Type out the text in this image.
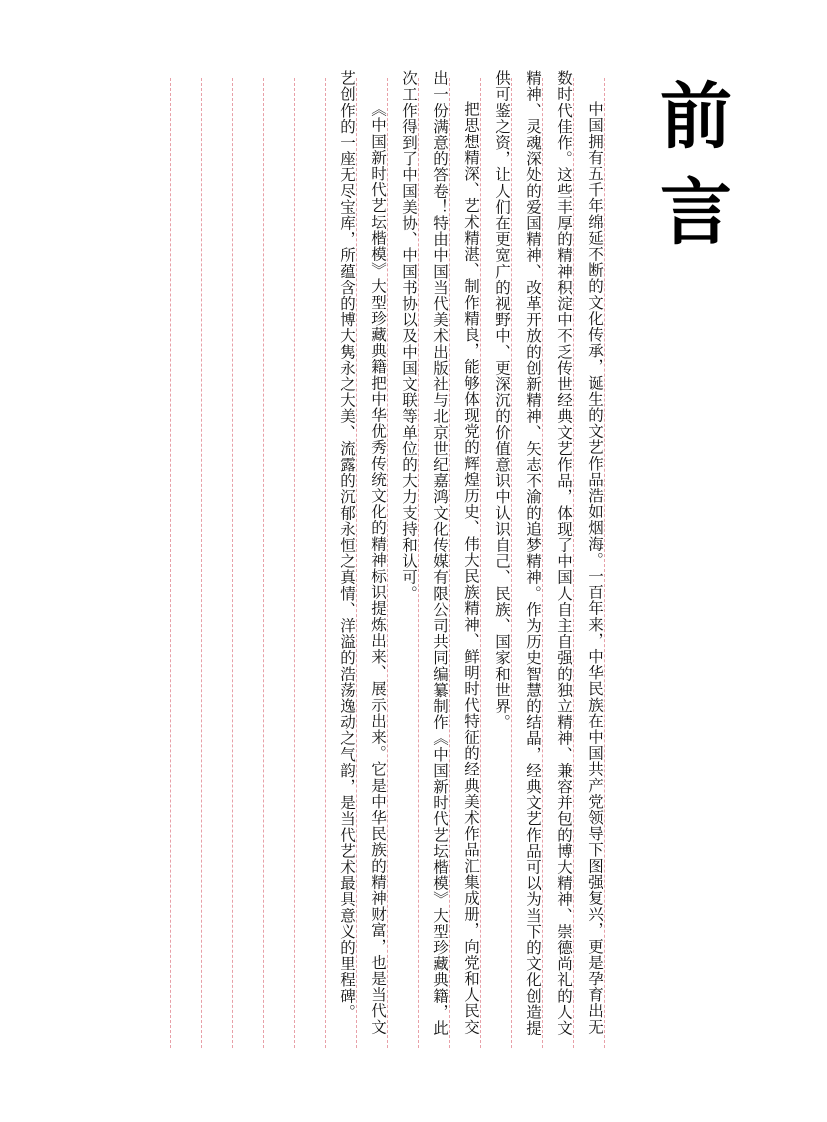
前言

中国拥有五千年绵延不断的文化传承，诞生的文艺作品浩如烟海。一百年来，中华民族在中国共产党领导下图强复兴，更是孕育出无数时代佳作。这些丰厚的精神积淀中不乏传世经典文艺作品，体现了中国人自主自强的独立精神、兼容并包的博大精神、崇德尚礼的人文精神、灵魂深处的爱国精神、改革开放的创新精神、矢志不渝的追梦精神。作为历史智慧的结晶，经典文艺作品可以为当下的文化创造提供可鉴之资，让人们在更宽广的视野中、更深沉的价值意识中认识自己、民族、国家和世界。

把思想精深、艺术精湛、制作精良，能够体现党的辉煌历史、伟大民族精神、鲜明时代特征的经典美术作品汇集成册，向党和人民交出一份满意的答卷！特由中国当代美术出版社与北京世纪嘉鸿文化传媒有限公司共同编纂制作《中国新时代艺坛楷模》大型珍藏典籍，此次工作得到了中国美协、中国书协以及中国文联等单位的大力支持和认可。

《中国新时代艺坛楷模》大型珍藏典籍把中华优秀传统文化的精神标识提炼出来、展示出来。它是中华民族的精神财富，也是当代文艺创作的一座无尽宝库，所蕴含的博大隽永之大美、流露的沉郁永恒之真情、洋溢的浩荡逸动之气韵，是当代艺术最具意义的里程碑。
